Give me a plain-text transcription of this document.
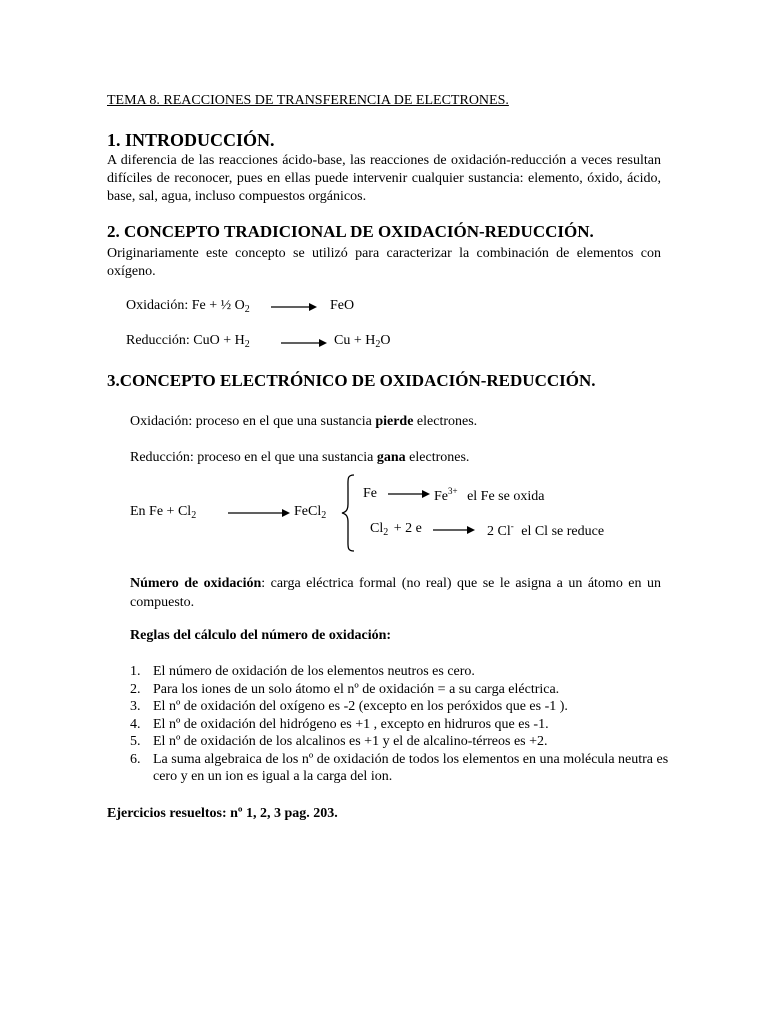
TEMA 8. REACCIONES DE TRANSFERENCIA DE ELECTRONES.
1. INTRODUCCIÓN.

A diferencia de las reacciones ácido-base, las reacciones de oxidación-reducción a veces resultan difíciles de reconocer, pues en ellas puede intervenir cualquier sustancia: elemento, óxido, ácido, base, sal, agua, incluso compuestos orgánicos.

2. CONCEPTO TRADICIONAL DE OXIDACIÓN-REDUCCIÓN.

Originariamente este concepto se utilizó para caracterizar la combinación de elementos con oxígeno.

Oxidación: Fe + ½ $O_2$	FeO
Reducción: CuO + $H_2$	$Cu + H_2O$
3.CONCEPTO ELECTRÓNICO DE OXIDACIÓN-REDUCCIÓN.
Oxidación: proceso en el que una sustancia pierde electrones.
Reducción: proceso en el que una sustancia gana electrones.
En $Fe + Cl_2$	FeCl$_2$
Fe	$Fe^{3+}$ el Fe se oxida
$Cl_2 + 2$ e	2 Cl- el Cl se reduce

Número de oxidación: carga eléctrica formal (no real) que se le asigna a un átomo en un compuesto.

Reglas del cálculo del número de oxidación:
1. El número de oxidación de los elementos neutros es cero.
2. Para los iones de un solo átomo el nº de oxidación = a su carga eléctrica.
3. El nº de oxidación del oxígeno es -2 (excepto en los peróxidos que es -1 ).
4. El nº de oxidación del hidrógeno es +1 , excepto en hidruros que es -1.
5. El nº de oxidación de los alcalinos es +1 y el de alcalino-térreos es +2.
6. La suma algebraica de los nº de oxidación de todos los elementos en una molécula neutra es cero y en un ion es igual a la carga del ion.
Ejercicios resueltos: nº 1, 2, 3 pag. 203.
